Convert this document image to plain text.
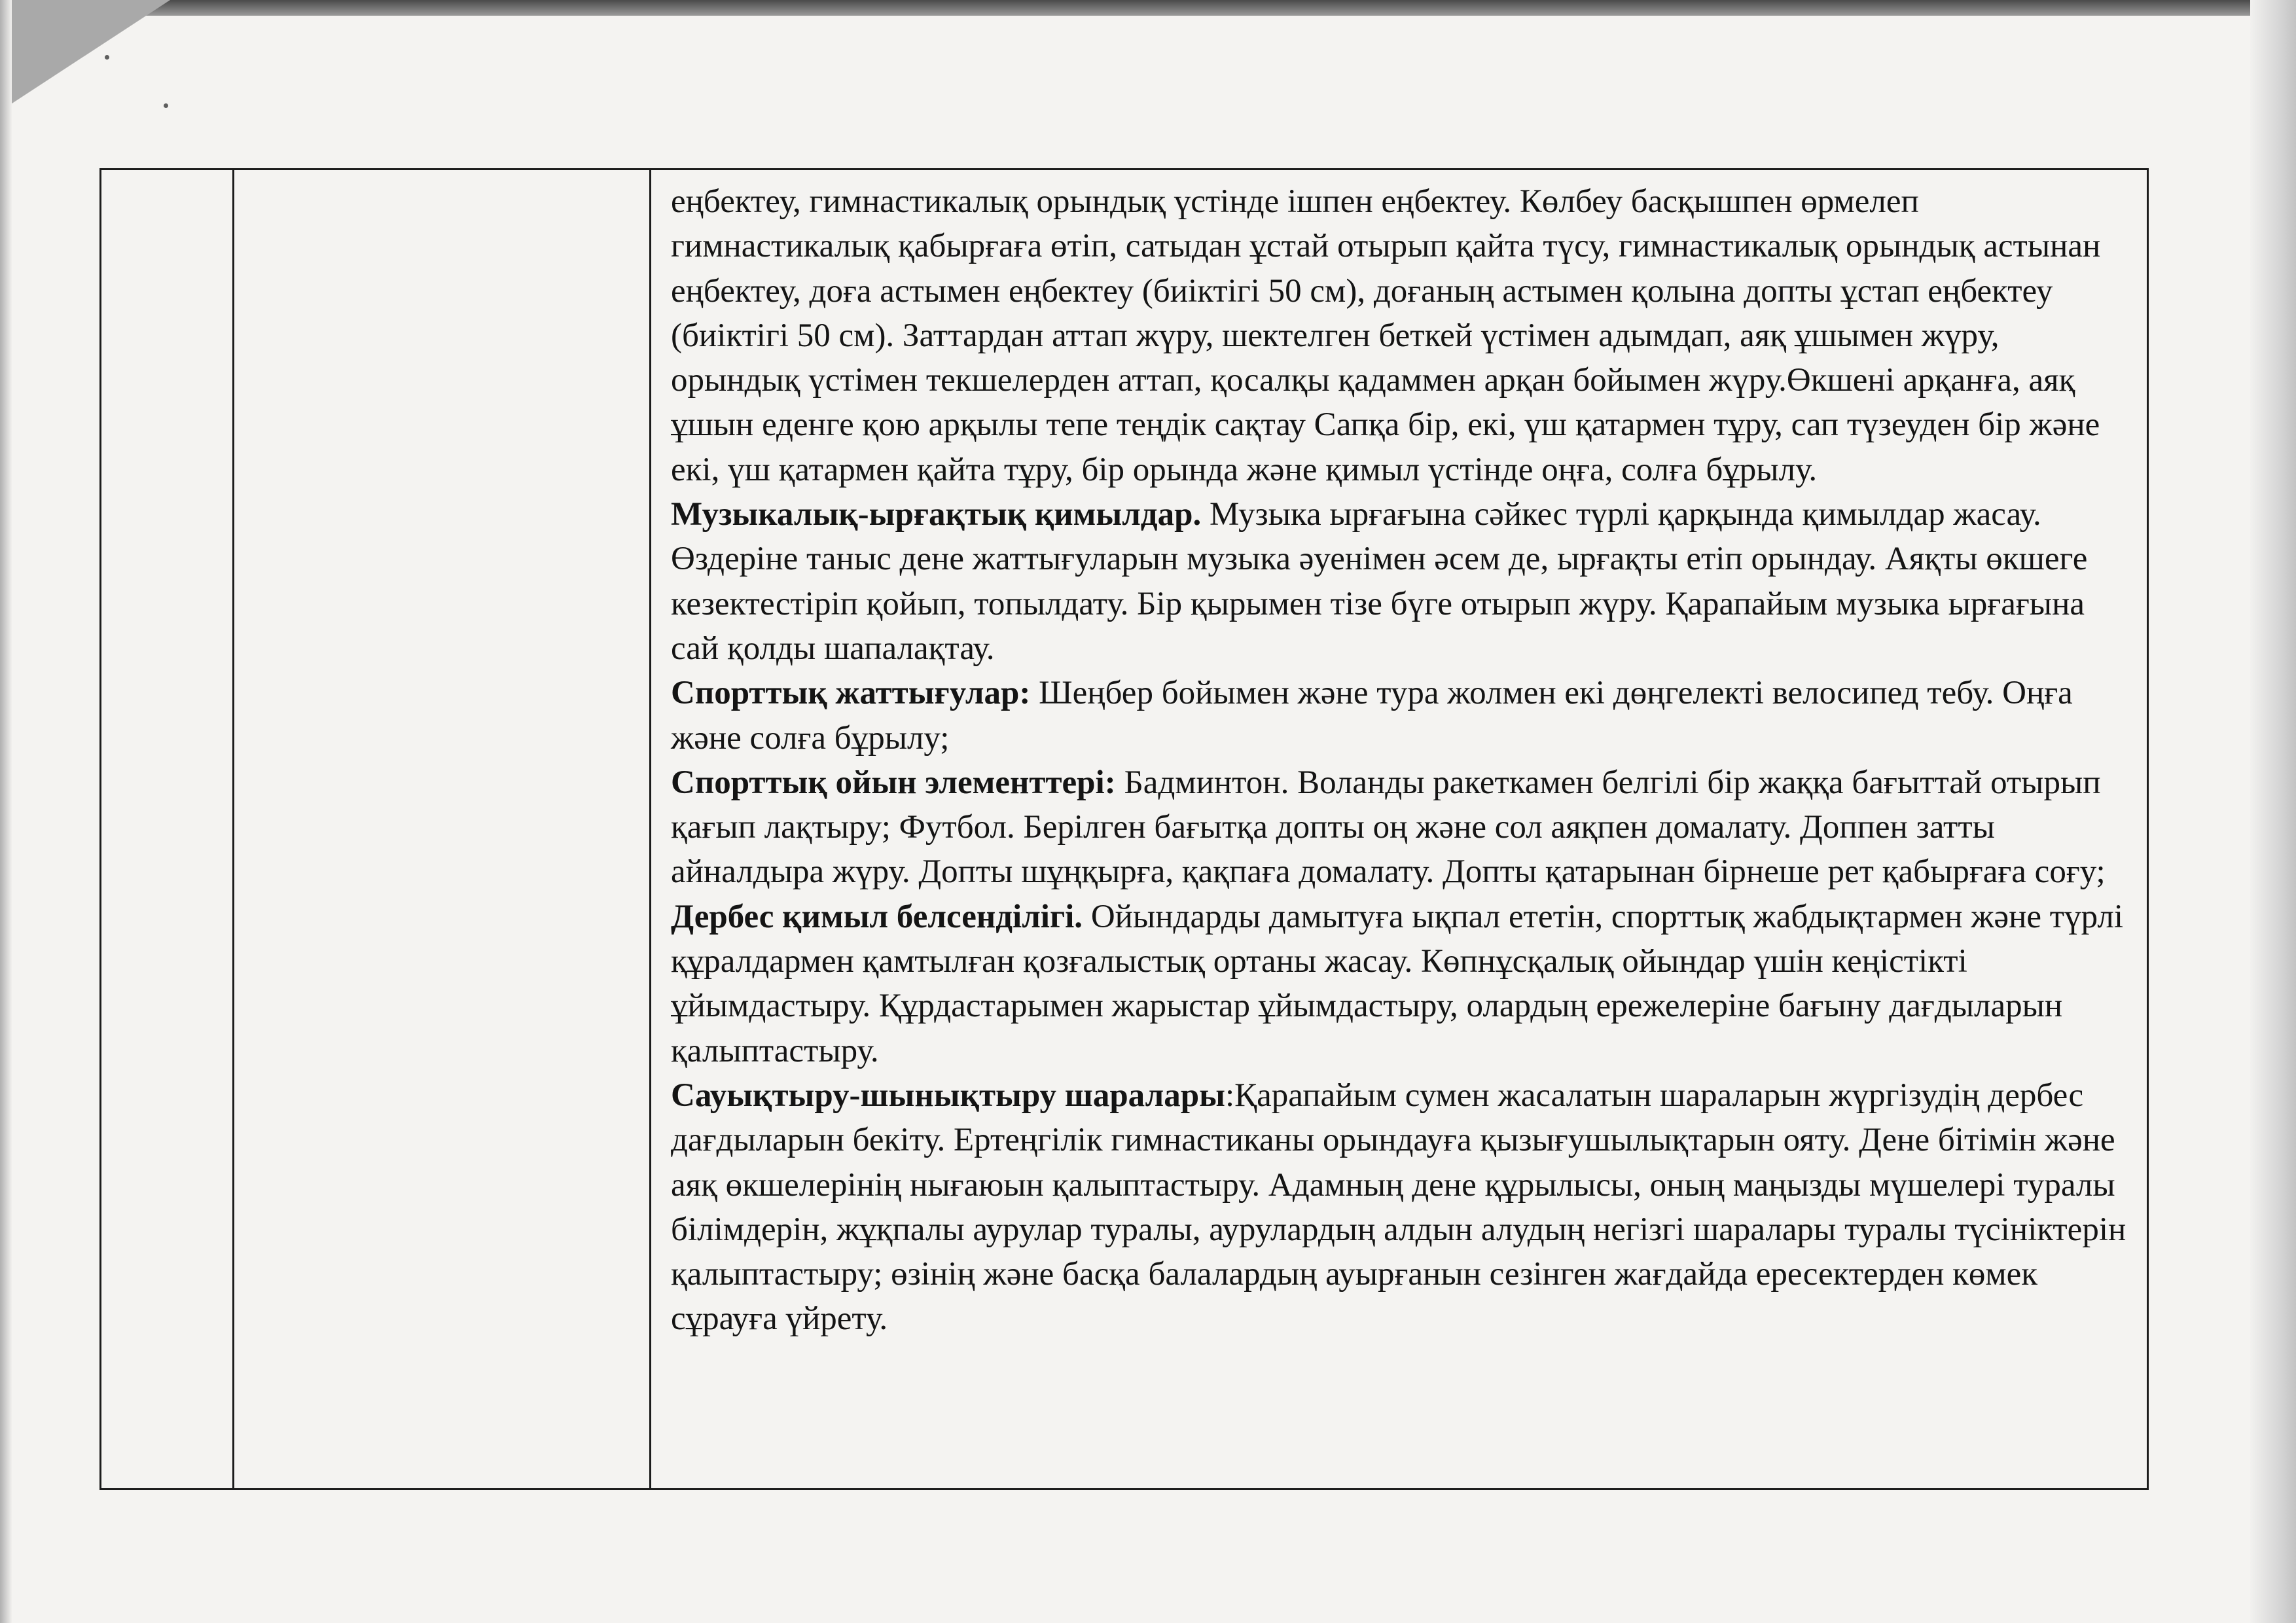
еңбектеу, гимнастикалық орындық үстінде ішпен еңбектеу. Көлбеу басқышпен өрмелеп гимнастикалық қабырғаға өтіп, сатыдан ұстай отырып қайта түсу, гимнастикалық орындық астынан еңбектеу, доға астымен еңбектеу (биіктігі 50 см), доғаның астымен қолына допты ұстап еңбектеу (биіктігі 50 см). Заттардан аттап жүру, шектелген беткей үстімен адымдап, аяқ ұшымен жүру, орындық үстімен текшелерден аттап, қосалқы қадаммен арқан бойымен жүру.Өкшені арқанға, аяқ ұшын еденге қою арқылы тепе теңдік сақтау Сапқа бір, екі, үш қатармен тұру, сап түзеуден бір және екі, үш қатармен қайта тұру, бір орында және қимыл үстінде оңға, солға бұрылу.

Музыкалық-ырғақтық қимылдар. Музыка ырғағына сәйкес түрлі қарқында қимылдар жасау. Өздеріне таныс дене жаттығуларын музыка әуенімен әсем де, ырғақты етіп орындау. Аяқты өкшеге кезектестіріп қойып, топылдату. Бір қырымен тізе бүге отырып жүру. Қарапайым музыка ырғағына сай қолды шапалақтау.

Спорттық жаттығулар: Шеңбер бойымен және тура жолмен екі дөңгелекті велосипед тебу. Оңға және солға бұрылу;

Спорттық ойын элементтері: Бадминтон. Воланды ракеткамен белгілі бір жаққа бағыттай отырып қағып лақтыру; Футбол. Берілген бағытқа допты оң және сол аяқпен домалату. Доппен затты айналдыра жүру. Допты шұңқырға, қақпаға домалату. Допты қатарынан бірнеше рет қабырғаға соғу;

Дербес қимыл белсенділігі. Ойындарды дамытуға ықпал ететін, спорттық жабдықтармен және түрлі құралдармен қамтылған қозғалыстық ортаны жасау. Көпнұсқалық ойындар үшін кеңістікті ұйымдастыру. Құрдастарымен жарыстар ұйымдастыру, олардың ережелеріне бағыну дағдыларын қалыптастыру.

Сауықтыру-шынықтыру шаралары:Қарапайым сумен жасалатын шараларын жүргізудің дербес дағдыларын бекіту. Ертеңгілік гимнастиканы орындауға қызығушылықтарын ояту. Дене бітімін және аяқ өкшелерінің нығаюын қалыптастыру. Адамның дене құрылысы, оның маңызды мүшелері туралы білімдерін, жұқпалы аурулар туралы, аурулардың алдын алудың негізгі шаралары туралы түсініктерін қалыптастыру; өзінің және басқа балалардың ауырғанын сезінген жағдайда ересектерден көмек сұрауға үйрету.
